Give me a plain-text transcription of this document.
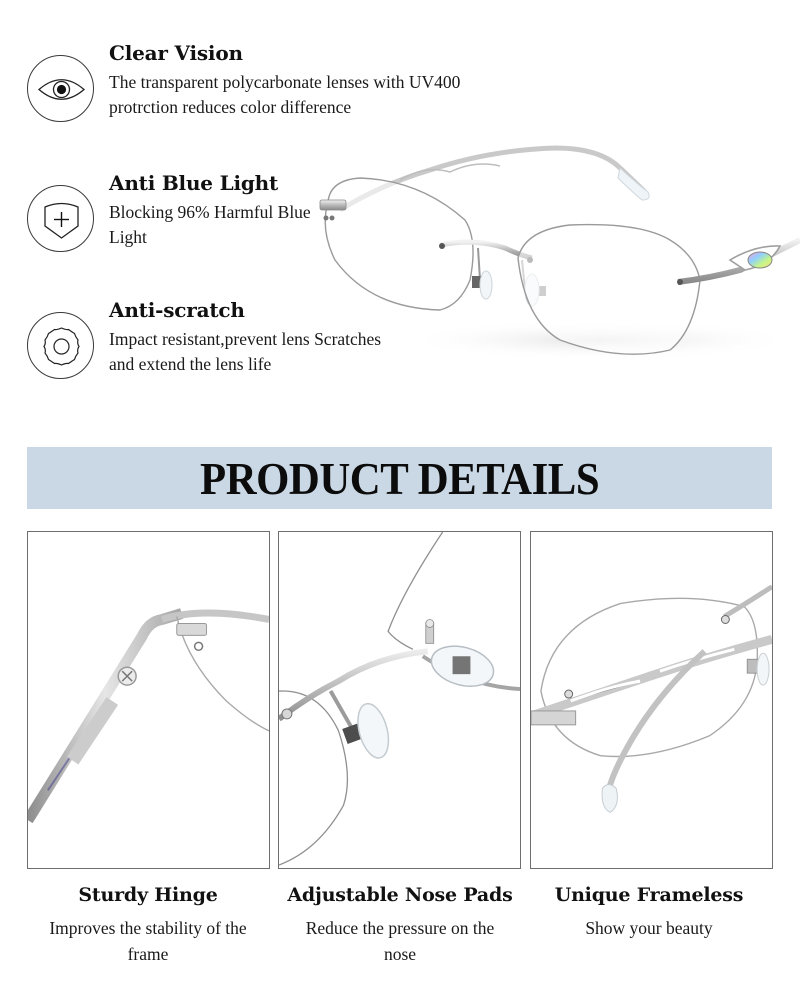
Clear Vision
The transparent polycarbonate lenses with UV400 protrction reduces color difference
Anti Blue Light
Blocking 96% Harmful Blue Light
Anti-scratch
Impact resistant,prevent lens Scratches and extend the lens life
PRODUCT DETAILS
Sturdy Hinge
Improves the stability of the frame
Adjustable Nose Pads
Reduce the pressure on the nose
Unique Frameless
Show your beauty
